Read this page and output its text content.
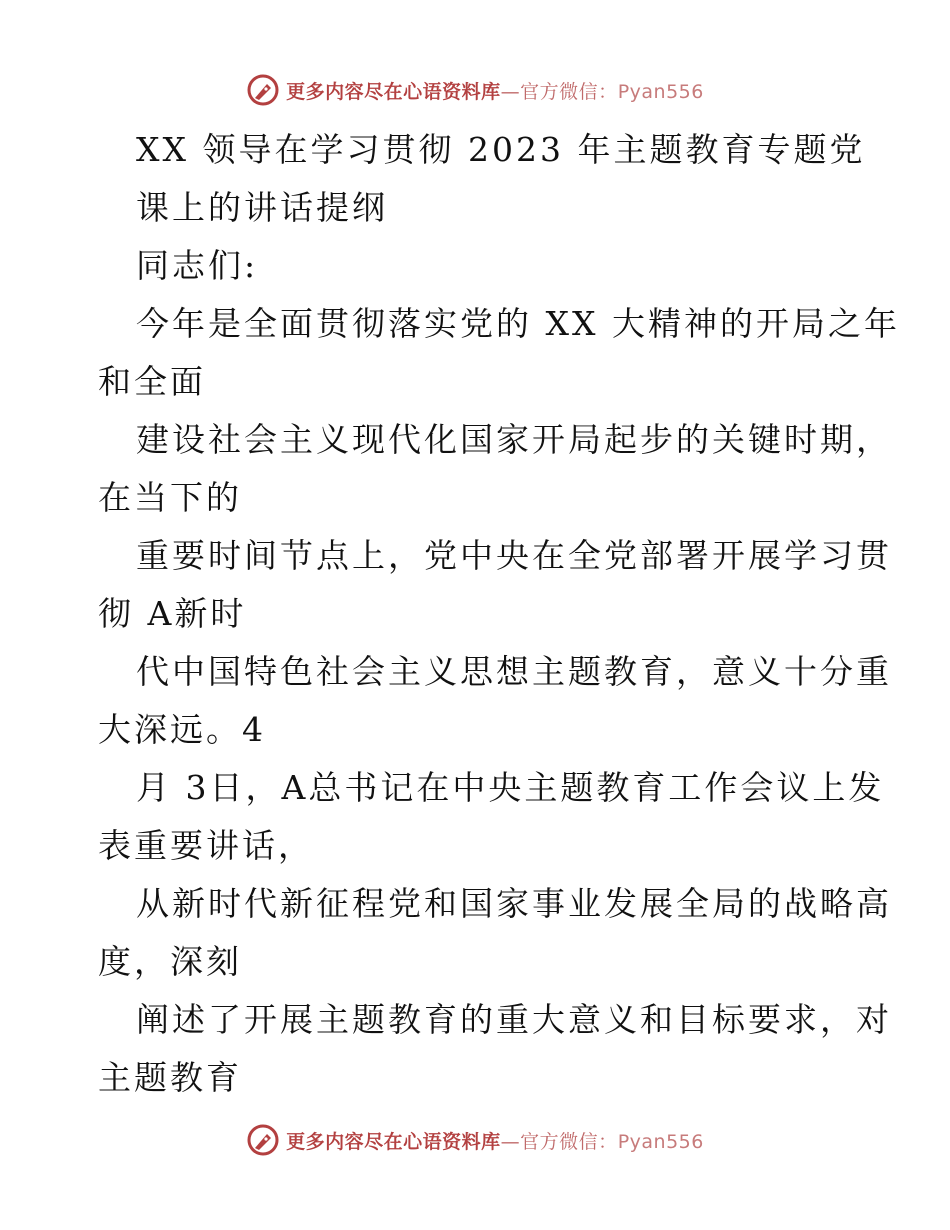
更多内容尽在心语资料库—官方微信：Pyan556
XX 领导在学习贯彻 2023 年主题教育专题党
课上的讲话提纲
同志们:
今年是全面贯彻落实党的 XX 大精神的开局之年
和全面
建设社会主义现代化国家开局起步的关键时期，
在当下的
重要时间节点上，党中央在全党部署开展学习贯
彻 A新时
代中国特色社会主义思想主题教育，意义十分重
大深远。4
月 3日，A总书记在中央主题教育工作会议上发
表重要讲话，
从新时代新征程党和国家事业发展全局的战略高
度，深刻
阐述了开展主题教育的重大意义和目标要求，对
主题教育
更多内容尽在心语资料库—官方微信：Pyan556
